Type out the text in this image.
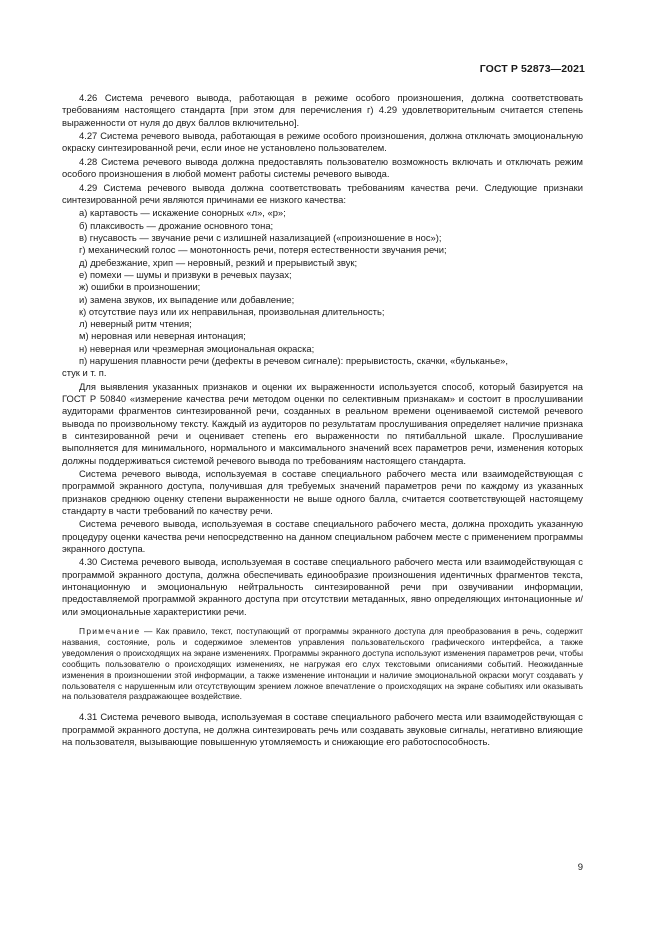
ГОСТ Р 52873—2021

4.26 Система речевого вывода, работающая в режиме особого произношения, должна соответствовать требованиям настоящего стандарта [при этом для перечисления г) 4.29 удовлетворительным считается степень выраженности от нуля до двух баллов включительно].

4.27 Система речевого вывода, работающая в режиме особого произношения, должна отключать эмоциональную окраску синтезированной речи, если иное не установлено пользователем.

4.28 Система речевого вывода должна предоставлять пользователю возможность включать и отключать режим особого произношения в любой момент работы системы речевого вывода.

4.29 Система речевого вывода должна соответствовать требованиям качества речи. Следующие признаки синтезированной речи являются причинами ее низкого качества:

а) картавость — искажение сонорных «л», «р»;

б) плаксивость — дрожание основного тона;

в) гнусавость — звучание речи с излишней назализацией («произношение в нос»);

г) механический голос — монотонность речи, потеря естественности звучания речи;

д) дребезжание, хрип — неровный, резкий и прерывистый звук;

е) помехи — шумы и призвуки в речевых паузах;

ж) ошибки в произношении;

и) замена звуков, их выпадение или добавление;

к) отсутствие пауз или их неправильная, произвольная длительность;

л) неверный ритм чтения;

м) неровная или неверная интонация;

н) неверная или чрезмерная эмоциональная окраска;

п) нарушения плавности речи (дефекты в речевом сигнале): прерывистость, скачки, «бульканье»,

стук и т. п.

Для выявления указанных признаков и оценки их выраженности используется способ, который базируется на ГОСТ Р 50840 «измерение качества речи методом оценки по селективным признакам» и состоит в прослушивании аудиторами фрагментов синтезированной речи, созданных в реальном времени оцениваемой системой речевого вывода по произвольному тексту. Каждый из аудиторов по результатам прослушивания определяет наличие признака в синтезированной речи и оценивает степень его выраженности по пятибалльной шкале. Прослушивание выполняется для минимального, нормального и максимального значений всех параметров речи, изменения которых должны поддерживаться системой речевого вывода по требованиям настоящего стандарта.

Система речевого вывода, используемая в составе специального рабочего места или взаимодействующая с программой экранного доступа, получившая для требуемых значений параметров речи по каждому из указанных признаков среднюю оценку степени выраженности не выше одного балла, считается соответствующей настоящему стандарту в части требований по качеству речи.

Система речевого вывода, используемая в составе специального рабочего места, должна проходить указанную процедуру оценки качества речи непосредственно на данном специальном рабочем месте с применением программы экранного доступа.

4.30 Система речевого вывода, используемая в составе специального рабочего места или взаимодействующая с программой экранного доступа, должна обеспечивать единообразие произношения идентичных фрагментов текста, интонационную и эмоциональную нейтральность синтезированной речи при озвучивании информации, предоставляемой программой экранного доступа при отсутствии метаданных, явно определяющих интонационные и/или эмоциональные характеристики речи.

Примечание — Как правило, текст, поступающий от программы экранного доступа для преобразования в речь, содержит названия, состояние, роль и содержимое элементов управления пользовательского графического интерфейса, а также уведомления о происходящих на экране изменениях. Программы экранного доступа используют изменения параметров речи, чтобы сообщить пользователю о происходящих изменениях, не нагружая его слух текстовыми описаниями событий. Неожиданные изменения в произношении этой информации, а также изменение интонации и наличие эмоциональной окраски могут создавать у пользователя с нарушенным или отсутствующим зрением ложное впечатление о происходящих на экране событиях или оказывать на пользователя раздражающее воздействие.

4.31 Система речевого вывода, используемая в составе специального рабочего места или взаимодействующая с программой экранного доступа, не должна синтезировать речь или создавать звуковые сигналы, негативно влияющие на пользователя, вызывающие повышенную утомляемость и снижающие его работоспособность.

9
